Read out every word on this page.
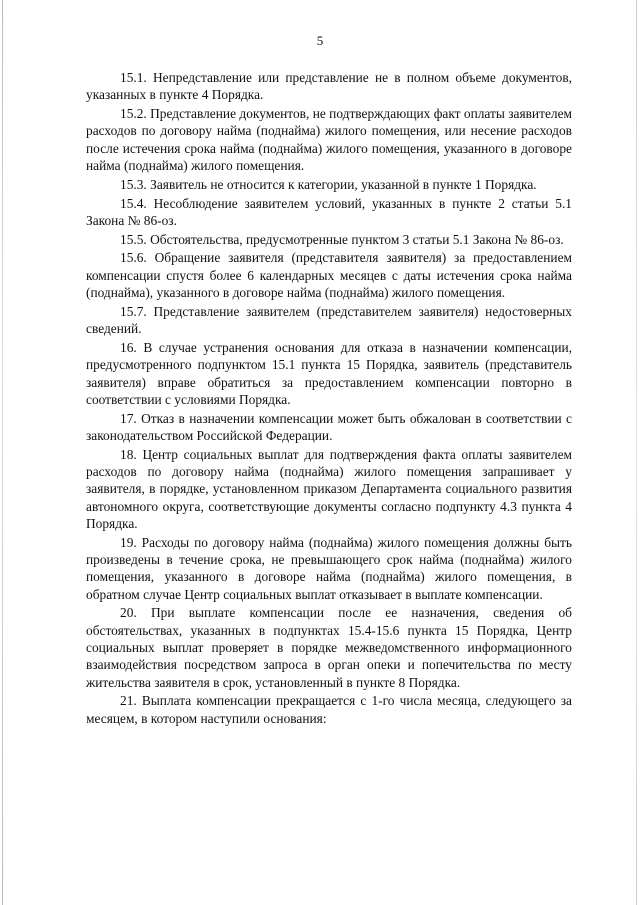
5

15.1. Непредставление или представление не в полном объеме документов, указанных в пункте 4 Порядка.

15.2. Представление документов, не подтверждающих факт оплаты заявителем расходов по договору найма (поднайма) жилого помещения, или несение расходов после истечения срока найма (поднайма) жилого помещения, указанного в договоре найма (поднайма) жилого помещения.

15.3. Заявитель не относится к категории, указанной в пункте 1 Порядка.

15.4. Несоблюдение заявителем условий, указанных в пункте 2 статьи 5.1 Закона № 86-оз.

15.5. Обстоятельства, предусмотренные пунктом 3 статьи 5.1 Закона № 86-оз.

15.6. Обращение заявителя (представителя заявителя) за предоставлением компенсации спустя более 6 календарных месяцев с даты истечения срока найма (поднайма), указанного в договоре найма (поднайма) жилого помещения.

15.7. Представление заявителем (представителем заявителя) недостоверных сведений.

16. В случае устранения основания для отказа в назначении компенсации, предусмотренного подпунктом 15.1 пункта 15 Порядка, заявитель (представитель заявителя) вправе обратиться за предоставлением компенсации повторно в соответствии с условиями Порядка.

17. Отказ в назначении компенсации может быть обжалован в соответствии с законодательством Российской Федерации.

18. Центр социальных выплат для подтверждения факта оплаты заявителем расходов по договору найма (поднайма) жилого помещения запрашивает у заявителя, в порядке, установленном приказом Департамента социального развития автономного округа, соответствующие документы согласно подпункту 4.3 пункта 4 Порядка.

19. Расходы по договору найма (поднайма) жилого помещения должны быть произведены в течение срока, не превышающего срок найма (поднайма) жилого помещения, указанного в договоре найма (поднайма) жилого помещения, в обратном случае Центр социальных выплат отказывает в выплате компенсации.

20. При выплате компенсации после ее назначения, сведения об обстоятельствах, указанных в подпунктах 15.4-15.6 пункта 15 Порядка, Центр социальных выплат проверяет в порядке межведомственного информационного взаимодействия посредством запроса в орган опеки и попечительства по месту жительства заявителя в срок, установленный в пункте 8 Порядка.

21. Выплата компенсации прекращается с 1-го числа месяца, следующего за месяцем, в котором наступили основания:
